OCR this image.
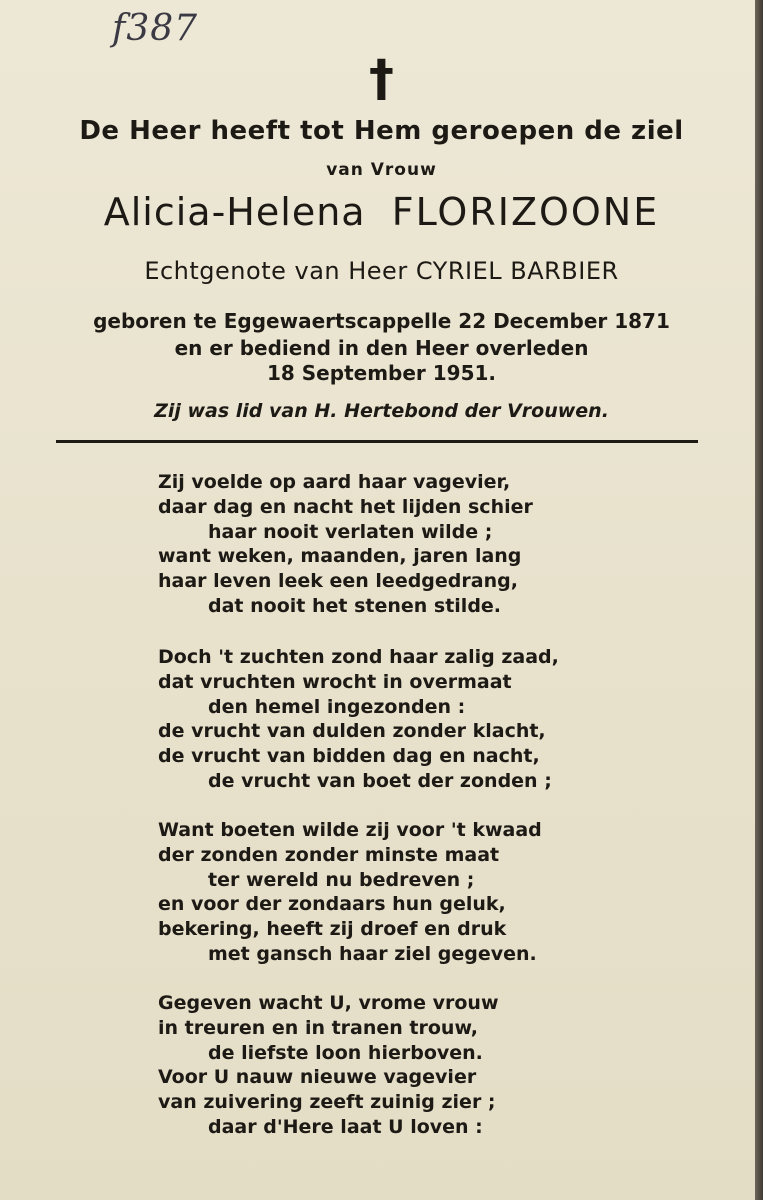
f387
†
De Heer heeft tot Hem geroepen de ziel
van Vrouw
Alicia-Helena FLORIZOONE
Echtgenote van Heer CYRIEL BARBIER
geboren te Eggewaertscappelle 22 December 1871
en er bediend in den Heer overleden
18 September 1951.
Zij was lid van H. Hertebond der Vrouwen.
Zij voelde op aard haar vagevier,
daar dag en nacht het lijden schier
haar nooit verlaten wilde ;
want weken, maanden, jaren lang
haar leven leek een leedgedrang,
dat nooit het stenen stilde.
Doch 't zuchten zond haar zalig zaad,
dat vruchten wrocht in overmaat
den hemel ingezonden :
de vrucht van dulden zonder klacht,
de vrucht van bidden dag en nacht,
de vrucht van boet der zonden ;
Want boeten wilde zij voor 't kwaad
der zonden zonder minste maat
ter wereld nu bedreven ;
en voor der zondaars hun geluk,
bekering, heeft zij droef en druk
met gansch haar ziel gegeven.
Gegeven wacht U, vrome vrouw
in treuren en in tranen trouw,
de liefste loon hierboven.
Voor U nauw nieuwe vagevier
van zuivering zeeft zuinig zier ;
daar d'Here laat U loven :
